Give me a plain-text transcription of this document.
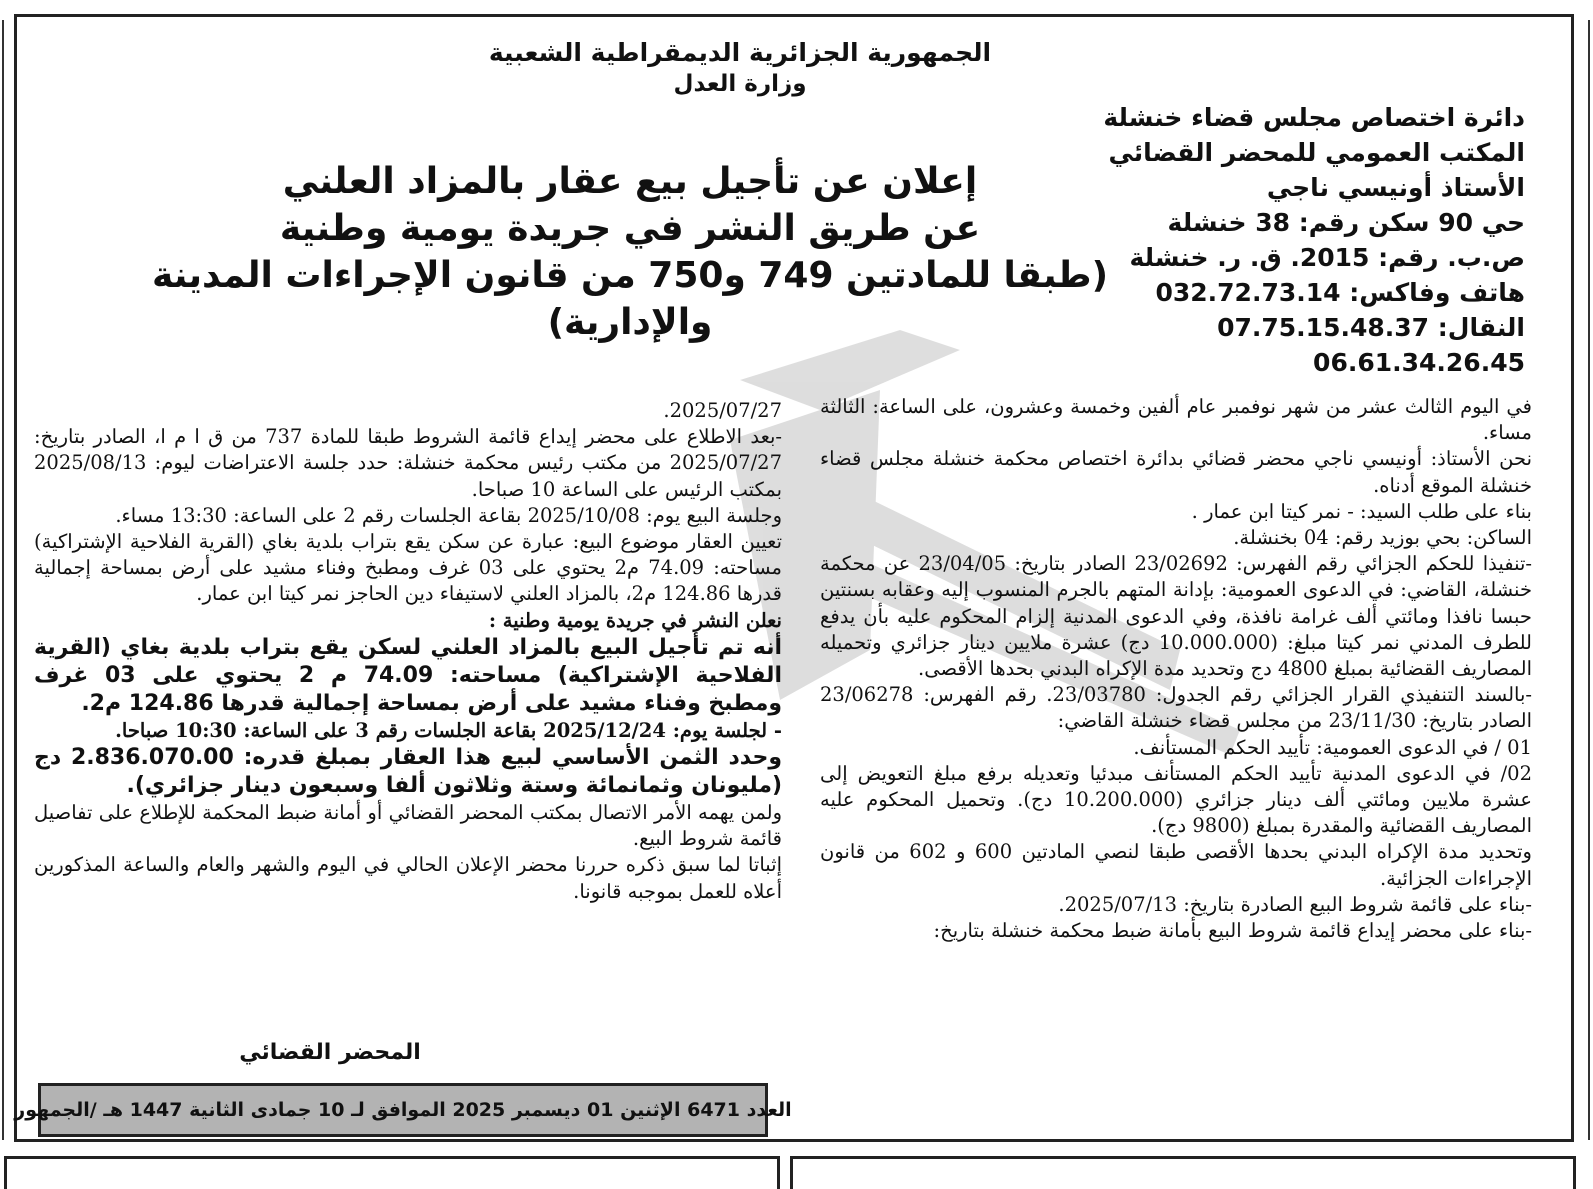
الجمهورية الجزائرية الديمقراطية الشعبية
وزارة العدل
دائرة اختصاص مجلس قضاء خنشلة
المكتب العمومي للمحضر القضائي
الأستاذ أونيسي ناجي
حي 90 سكن رقم: 38 خنشلة
ص.ب. رقم: 2015. ق. ر. خنشلة
هاتف وفاكس: 032.72.73.14
النقال: 07.75.15.48.37
06.61.34.26.45
إعلان عن تأجيل بيع عقار بالمزاد العلني
عن طريق النشر في جريدة يومية وطنية
(طبقا للمادتين 749 و750 من قانون الإجراءات المدينة والإدارية)

في اليوم الثالث عشر من شهر نوفمبر عام ألفين وخمسة وعشرون، على الساعة: الثالثة مساء.

نحن الأستاذ: أونيسي ناجي محضر قضائي بدائرة اختصاص محكمة خنشلة مجلس قضاء خنشلة الموقع أدناه.

بناء على طلب السيد: - نمر كيتا ابن عمار .

الساكن: بحي بوزيد رقم: 04 بخنشلة.

-تنفيذا للحكم الجزائي رقم الفهرس: 23/02692 الصادر بتاريخ: 23/04/05 عن محكمة خنشلة، القاضي: في الدعوى العمومية: بإدانة المتهم بالجرم المنسوب إليه وعقابه بسنتين حبسا نافذا ومائتي ألف غرامة نافذة، وفي الدعوى المدنية إلزام المحكوم عليه بأن يدفع للطرف المدني نمر كيتا مبلغ: (10.000.000 دج) عشرة ملايين دينار جزائري وتحميله المصاريف القضائية بمبلغ 4800 دج وتحديد مدة الإكراه البدني بحدها الأقصى.

-بالسند التنفيذي القرار الجزائي رقم الجدول: 23/03780. رقم الفهرس: 23/06278 الصادر بتاريخ: 23/11/30 من مجلس قضاء خنشلة القاضي:

01 / في الدعوى العمومية: تأييد الحكم المستأنف.

02/ في الدعوى المدنية تأييد الحكم المستأنف مبدئيا وتعديله برفع مبلغ التعويض إلى عشرة ملايين ومائتي ألف دينار جزائري (10.200.000 دج). وتحميل المحكوم عليه المصاريف القضائية والمقدرة بمبلغ (9800 دج).

وتحديد مدة الإكراه البدني بحدها الأقصى طبقا لنصي المادتين 600 و 602 من قانون الإجراءات الجزائية.

-بناء على قائمة شروط البيع الصادرة بتاريخ: 2025/07/13.

-بناء على محضر إيداع قائمة شروط البيع بأمانة ضبط محكمة خنشلة بتاريخ:

2025/07/27.

-بعد الاطلاع على محضر إيداع قائمة الشروط طبقا للمادة 737 من ق ا م ا، الصادر بتاريخ: 2025/07/27 من مكتب رئيس محكمة خنشلة: حدد جلسة الاعتراضات ليوم: 2025/08/13 بمكتب الرئيس على الساعة 10 صباحا.

وجلسة البيع يوم: 2025/10/08 بقاعة الجلسات رقم 2 على الساعة: 13:30 مساء.

تعيين العقار موضوع البيع: عبارة عن سكن يقع بتراب بلدية بغاي (القرية الفلاحية الإشتراكية) مساحته: 74.09 م2 يحتوي على 03 غرف ومطبخ وفناء مشيد على أرض بمساحة إجمالية قدرها 124.86 م2، بالمزاد العلني لاستيفاء دين الحاجز نمر كيتا ابن عمار.

نعلن النشر في جريدة يومية وطنية :

أنه تم تأجيل البيع بالمزاد العلني لسكن يقع بتراب بلدية بغاي (القرية الفلاحية الإشتراكية) مساحته: 74.09 م 2 يحتوي على 03 غرف ومطبخ وفناء مشيد على أرض بمساحة إجمالية قدرها 124.86 م2.

- لجلسة يوم: 2025/12/24 بقاعة الجلسات رقم 3 على الساعة: 10:30 صباحا.

وحدد الثمن الأساسي لبيع هذا العقار بمبلغ قدره: 2.836.070.00 دج (مليونان وثمانمائة وستة وثلاثون ألفا وسبعون دينار جزائري).

ولمن يهمه الأمر الاتصال بمكتب المحضر القضائي أو أمانة ضبط المحكمة للإطلاع على تفاصيل قائمة شروط البيع.

إثباتا لما سبق ذكره حررنا محضر الإعلان الحالي في اليوم والشهر والعام والساعة المذكورين أعلاه للعمل بموجبه قانونا.

المحضر القضائي
العدد 6471 الإثنين 01 ديسمبر 2025 الموافق لـ 10 جمادى الثانية 1447 هـ /الجمهور
